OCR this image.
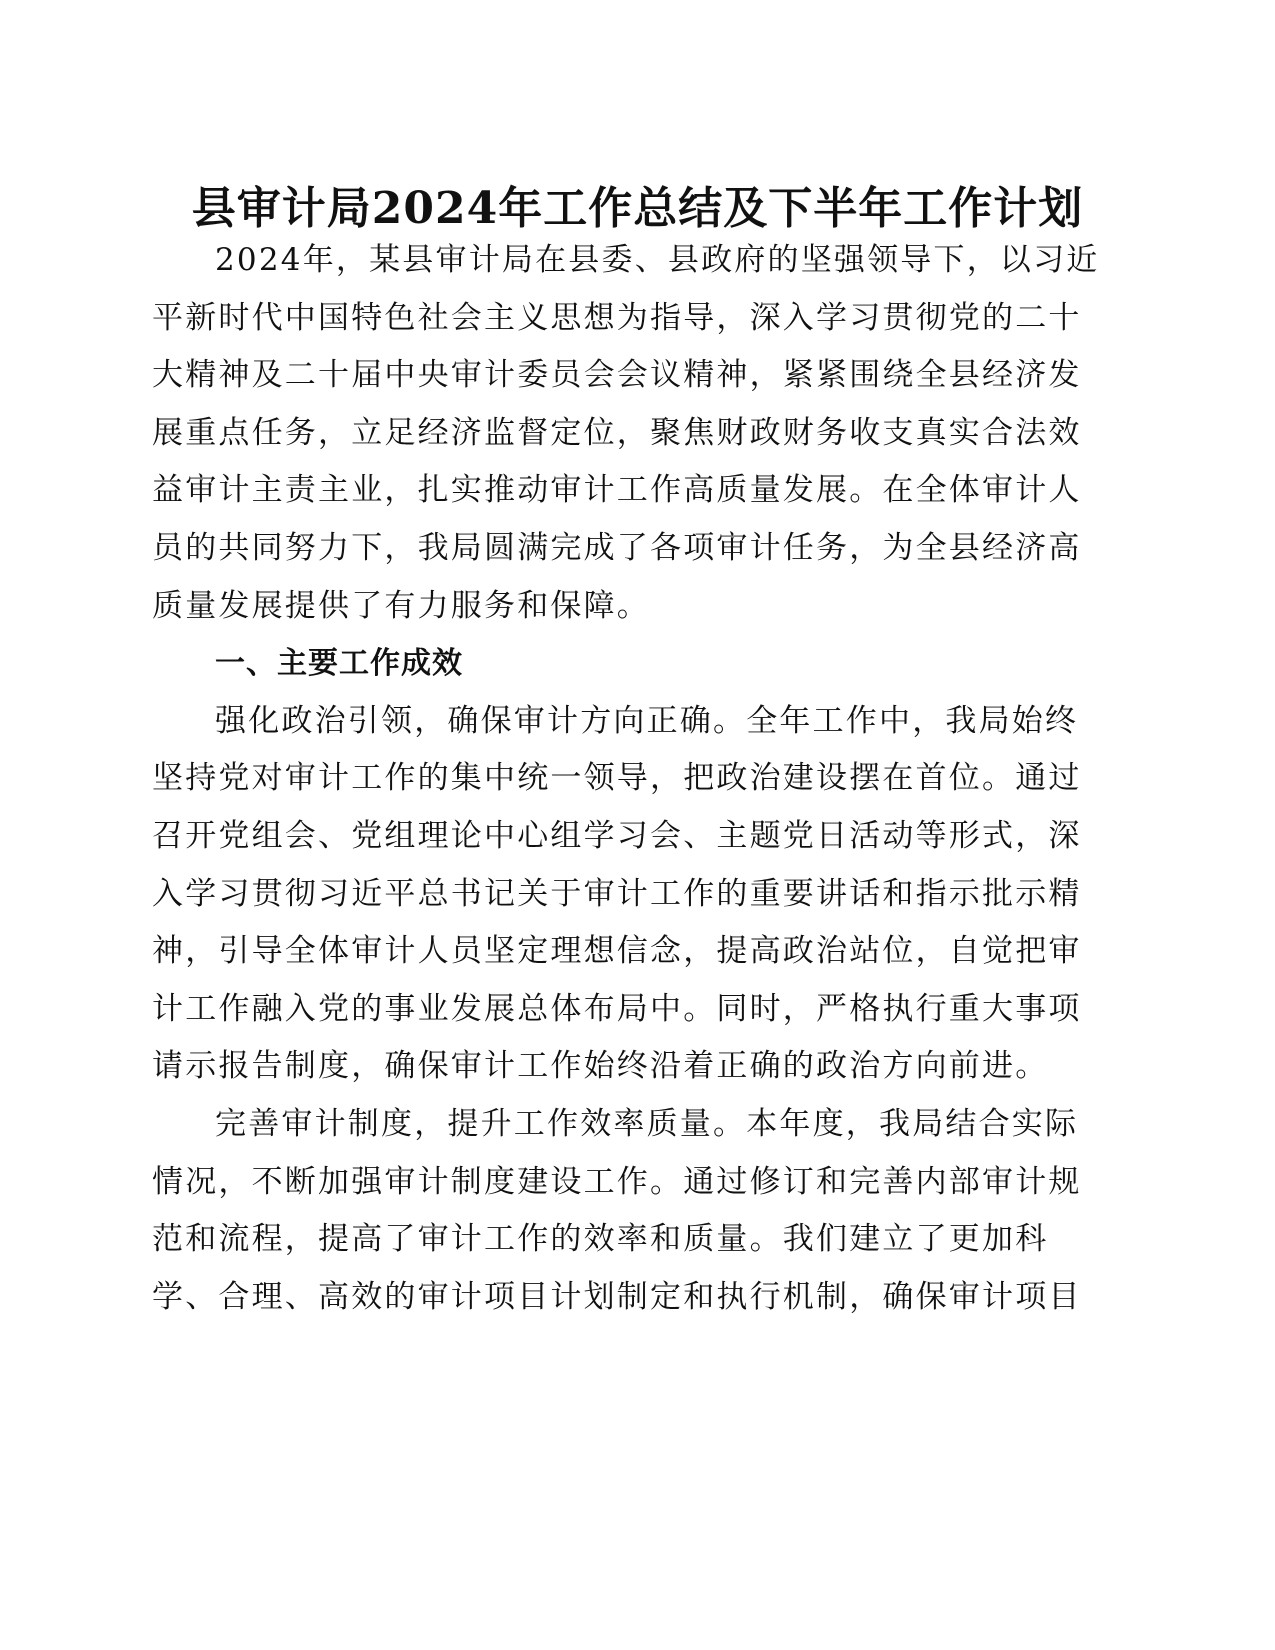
县审计局2024年工作总结及下半年工作计划
2024年，某县审计局在县委、县政府的坚强领导下，以习近
平新时代中国特色社会主义思想为指导，深入学习贯彻党的二十
大精神及二十届中央审计委员会会议精神，紧紧围绕全县经济发
展重点任务，立足经济监督定位，聚焦财政财务收支真实合法效
益审计主责主业，扎实推动审计工作高质量发展。在全体审计人
员的共同努力下，我局圆满完成了各项审计任务，为全县经济高
质量发展提供了有力服务和保障。
一、主要工作成效
强化政治引领，确保审计方向正确。全年工作中，我局始终
坚持党对审计工作的集中统一领导，把政治建设摆在首位。通过
召开党组会、党组理论中心组学习会、主题党日活动等形式，深
入学习贯彻习近平总书记关于审计工作的重要讲话和指示批示精
神，引导全体审计人员坚定理想信念，提高政治站位，自觉把审
计工作融入党的事业发展总体布局中。同时，严格执行重大事项
请示报告制度，确保审计工作始终沿着正确的政治方向前进。
完善审计制度，提升工作效率质量。本年度，我局结合实际
情况，不断加强审计制度建设工作。通过修订和完善内部审计规
范和流程，提高了审计工作的效率和质量。我们建立了更加科
学、合理、高效的审计项目计划制定和执行机制，确保审计项目
